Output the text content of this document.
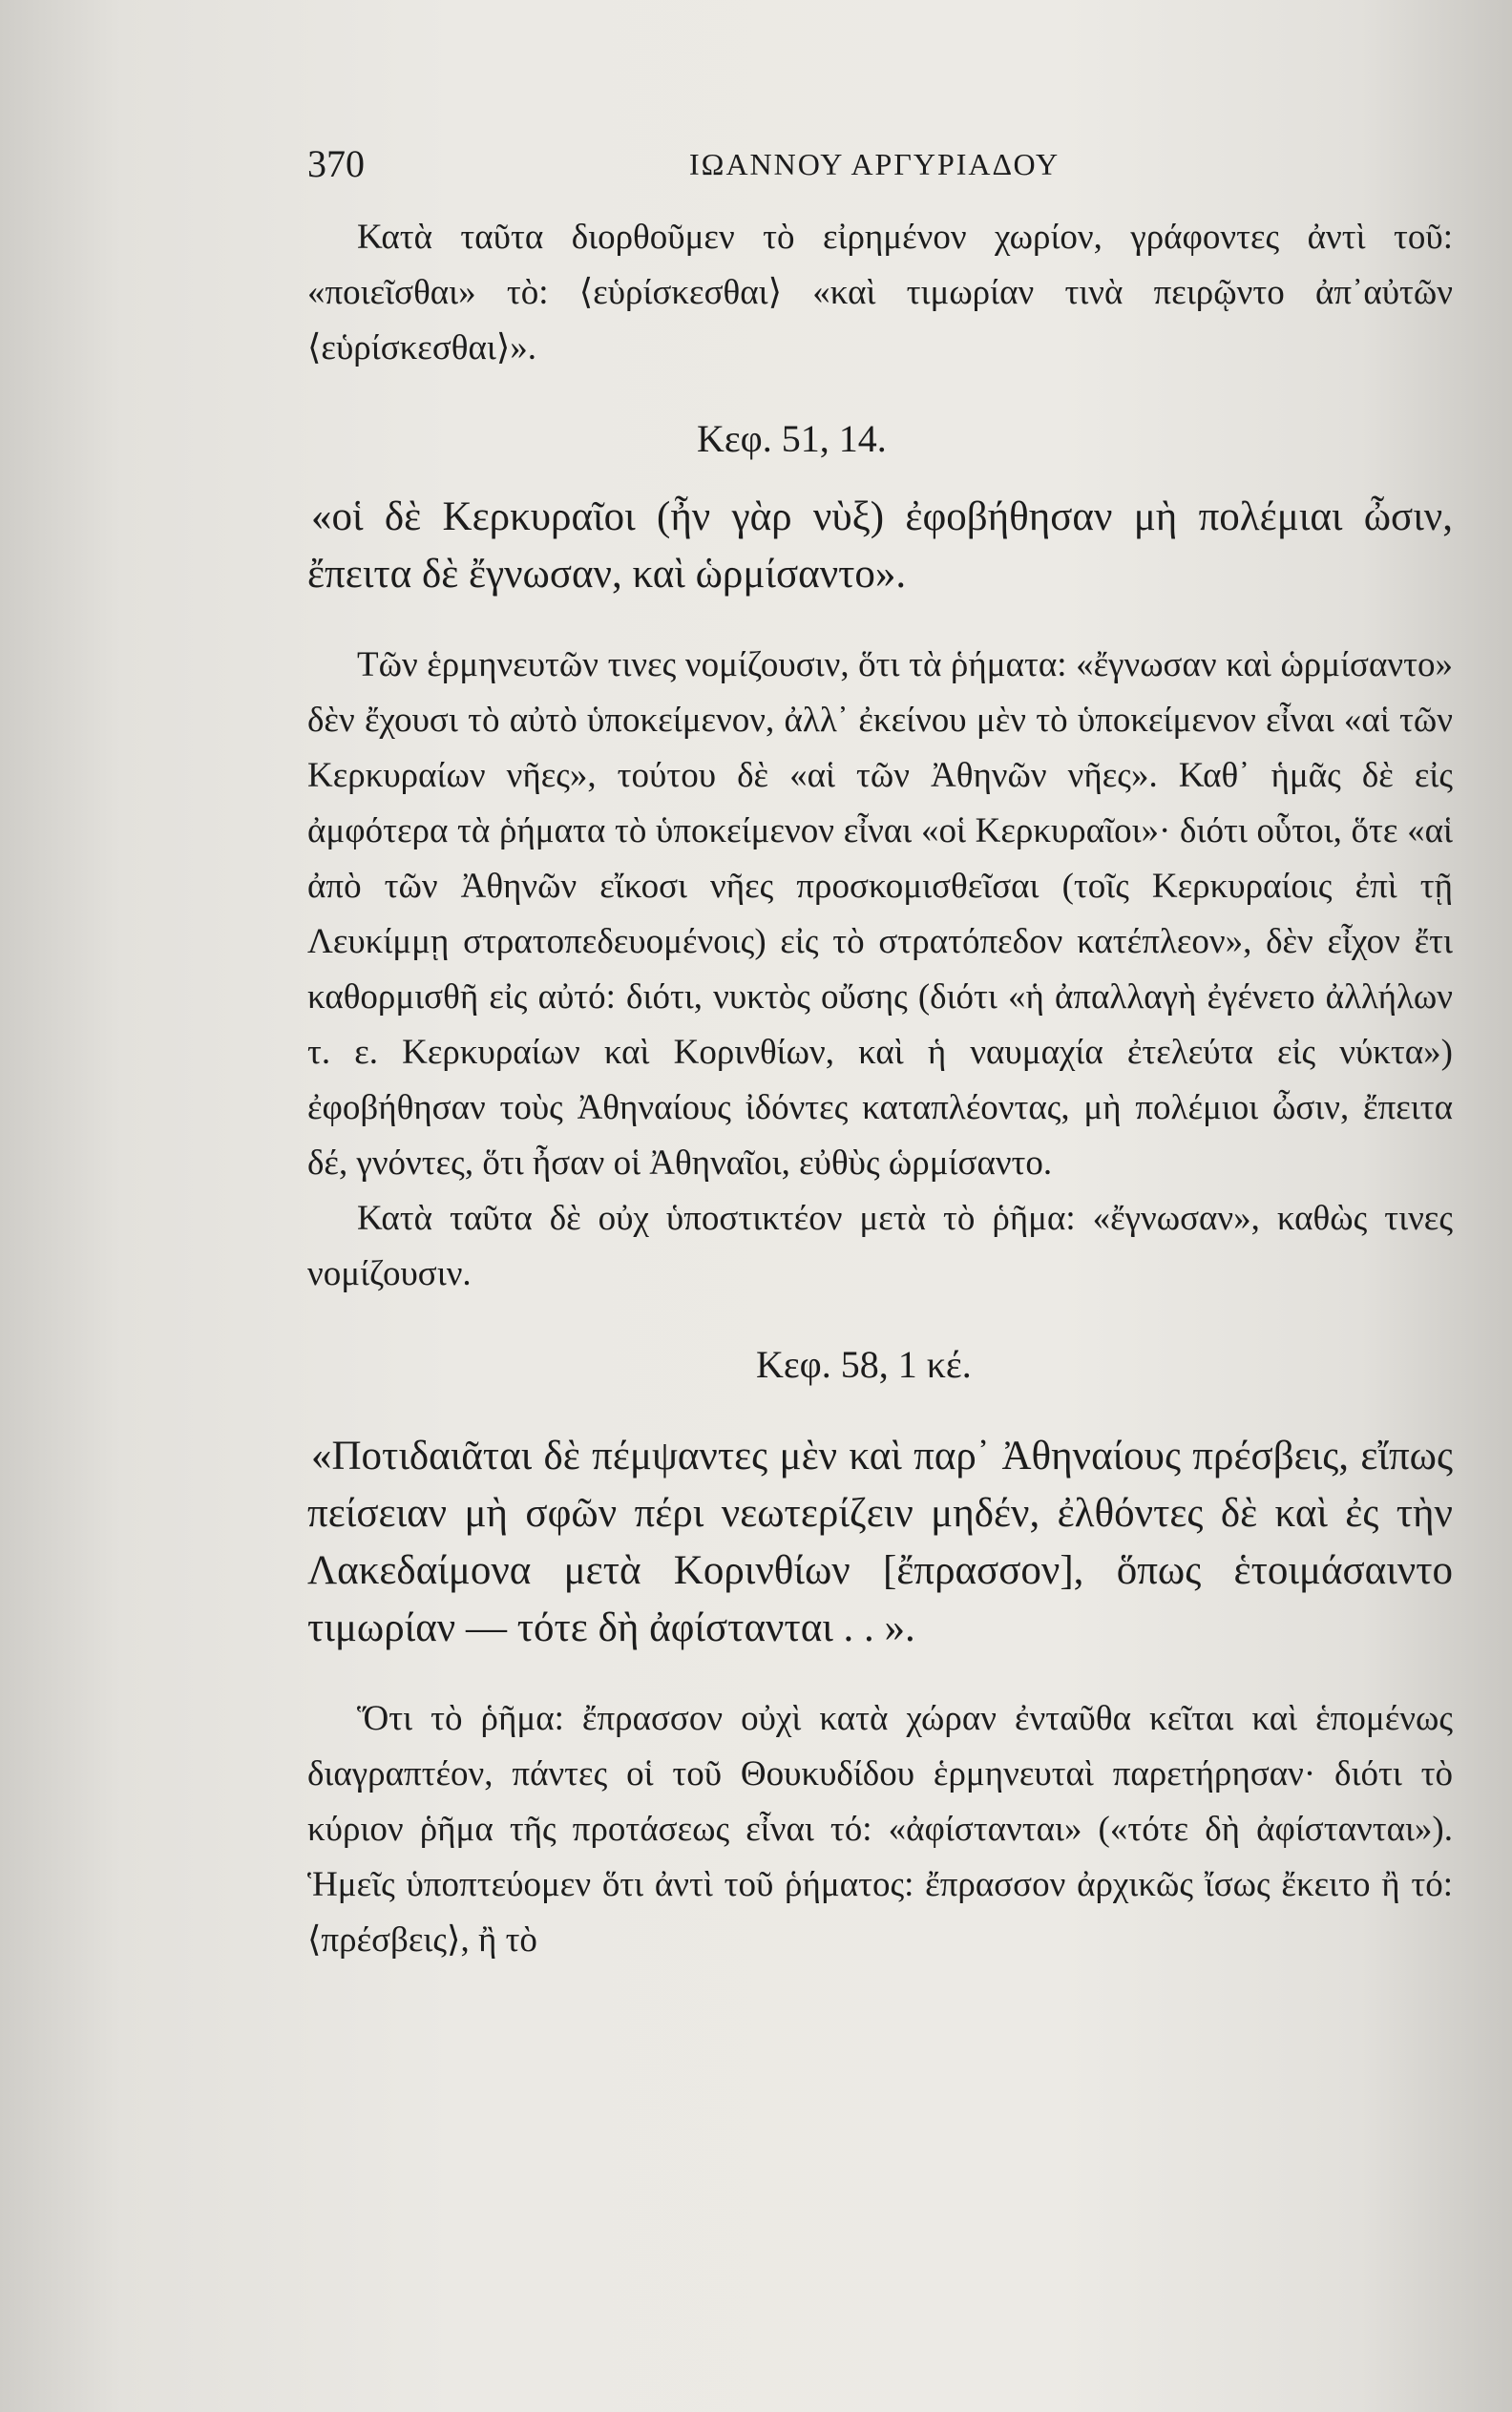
370	ΙΩΑΝΝΟΥ ΑΡΓΥΡΙΑΔΟΥ

Κατὰ ταῦτα διορθοῦμεν τὸ εἰρημένον χωρίον, γράφοντες ἀντὶ τοῦ: «ποιεῖσθαι» τὸ: ⟨εὑρίσκεσθαι⟩ «καὶ τιμωρίαν τινὰ πειρῷντο ἀπ᾽αὐτῶν ⟨εὑρίσκεσθαι⟩».

Κεφ. 51, 14.

«οἱ δὲ Κερκυραῖοι (ἦν γὰρ νὺξ) ἐφοβήθησαν μὴ πολέμιαι ὦσιν, ἔπειτα δὲ ἔγνωσαν, καὶ ὡρμίσαντο».

Τῶν ἑρμηνευτῶν τινες νομίζουσιν, ὅτι τὰ ῥήματα: «ἔγνωσαν καὶ ὡρμίσαντο» δὲν ἔχουσι τὸ αὐτὸ ὑποκείμενον, ἀλλ᾽ ἐκείνου μὲν τὸ ὑποκείμενον εἶναι «αἱ τῶν Κερκυραίων νῆες», τούτου δὲ «αἱ τῶν Ἀθηνῶν νῆες». Καθ᾽ ἡμᾶς δὲ εἰς ἀμφότερα τὰ ῥήματα τὸ ὑποκείμενον εἶναι «οἱ Κερκυραῖοι»· διότι οὗτοι, ὅτε «αἱ ἀπὸ τῶν Ἀθηνῶν εἴκοσι νῆες προσκομισθεῖσαι (τοῖς Κερκυραίοις ἐπὶ τῇ Λευκίμμῃ στρατοπεδευομένοις) εἰς τὸ στρατόπεδον κατέπλεον», δὲν εἶχον ἔτι καθορμισθῆ εἰς αὐτό: διότι, νυκτὸς οὔσης (διότι «ἡ ἀπαλλαγὴ ἐγένετο ἀλλήλων τ. ε. Κερκυραίων καὶ Κορινθίων, καὶ ἡ ναυμαχία ἐτελεύτα εἰς νύκτα») ἐφοβήθησαν τοὺς Ἀθηναίους ἰδόντες καταπλέοντας, μὴ πολέμιοι ὦσιν, ἔπειτα δέ, γνόντες, ὅτι ἦσαν οἱ Ἀθηναῖοι, εὐθὺς ὡρμίσαντο.

Κατὰ ταῦτα δὲ οὐχ ὑποστικτέον μετὰ τὸ ῥῆμα: «ἔγνωσαν», καθὼς τινες νομίζουσιν.

Κεφ. 58, 1 κέ.

«Ποτιδαιᾶται δὲ πέμψαντες μὲν καὶ παρ᾽ Ἀθηναίους πρέσβεις, εἴπως πείσειαν μὴ σφῶν πέρι νεωτερίζειν μηδέν, ἐλθόντες δὲ καὶ ἐς τὴν Λακεδαίμονα μετὰ Κορινθίων [ἔπρασσον], ὅπως ἑτοιμάσαιντο τιμωρίαν — τότε δὴ ἀφίστανται . . ».

Ὅτι τὸ ῥῆμα: ἔπρασσον οὐχὶ κατὰ χώραν ἐνταῦθα κεῖται καὶ ἑπομένως διαγραπτέον, πάντες οἱ τοῦ Θουκυδίδου ἑρμηνευταὶ παρετήρησαν· διότι τὸ κύριον ῥῆμα τῆς προτάσεως εἶναι τό: «ἀφίστανται» («τότε δὴ ἀφίστανται»). Ἡμεῖς ὑποπτεύομεν ὅτι ἀντὶ τοῦ ῥήματος: ἔπρασσον ἀρχικῶς ἴσως ἔκειτο ἢ τό: ⟨πρέσβεις⟩, ἢ τὸ
